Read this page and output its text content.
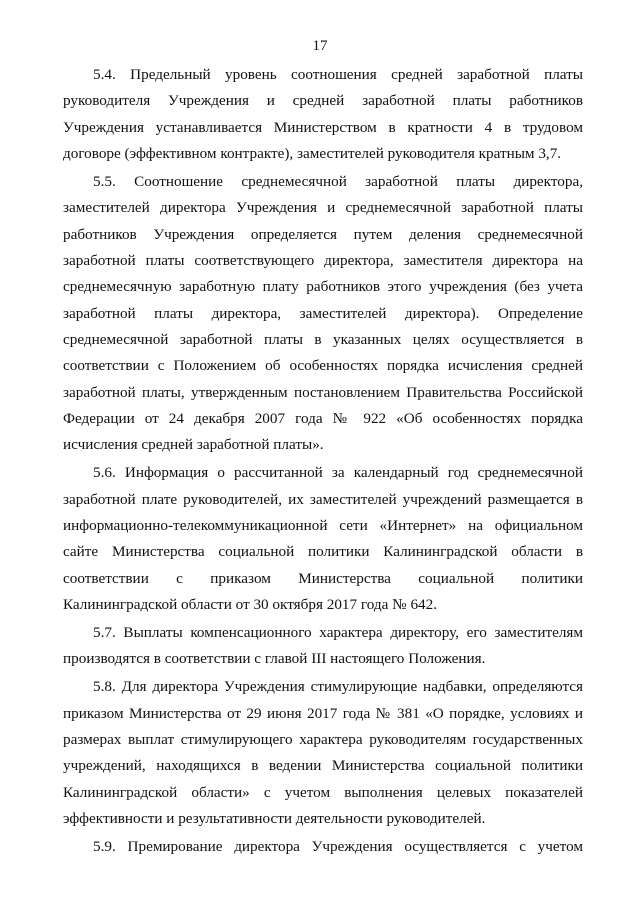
17

5.4. Предельный уровень соотношения средней заработной платы руководителя Учреждения и средней заработной платы работников Учреждения устанавливается Министерством в кратности 4 в трудовом договоре (эффективном контракте), заместителей руководителя кратным 3,7.

5.5. Соотношение среднемесячной заработной платы директора, заместителей директора Учреждения и среднемесячной заработной платы работников Учреждения определяется путем деления среднемесячной заработной платы соответствующего директора, заместителя директора на среднемесячную заработную плату работников этого учреждения (без учета заработной платы директора, заместителей директора). Определение среднемесячной заработной платы в указанных целях осуществляется в соответствии с Положением об особенностях порядка исчисления средней заработной платы, утвержденным постановлением Правительства Российской Федерации от 24 декабря 2007 года № 922 «Об особенностях порядка исчисления средней заработной платы».

5.6. Информация о рассчитанной за календарный год среднемесячной заработной плате руководителей, их заместителей учреждений размещается в информационно-телекоммуникационной сети «Интернет» на официальном сайте Министерства социальной политики Калининградской области в соответствии с приказом Министерства социальной политики Калининградской области от 30 октября 2017 года № 642.

5.7. Выплаты компенсационного характера директору, его заместителям производятся в соответствии с главой III настоящего Положения.

5.8. Для директора Учреждения стимулирующие надбавки, определяются приказом Министерства от 29 июня 2017 года № 381 «О порядке, условиях и размерах выплат стимулирующего характера руководителям государственных учреждений, находящихся в ведении Министерства социальной политики Калининградской области» с учетом выполнения целевых показателей эффективности и результативности деятельности руководителей.

5.9. Премирование директора Учреждения осуществляется с учетом
